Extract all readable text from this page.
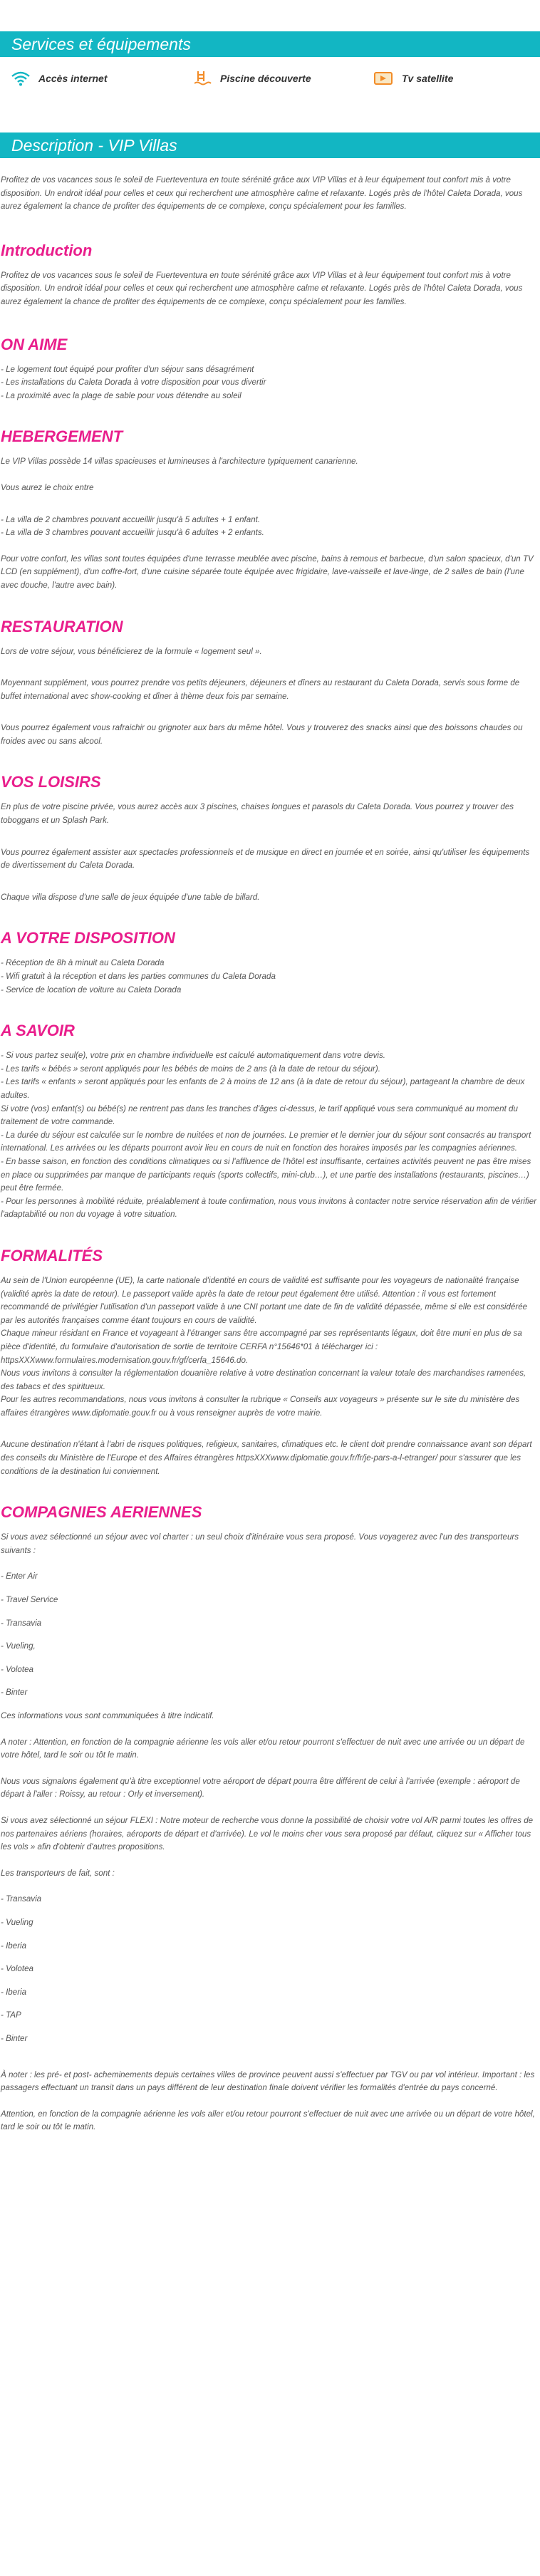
Services et équipements
Accès internet	Piscine découverte	Tv satellite
Description - VIP Villas

Profitez de vos vacances sous le soleil de Fuerteventura en toute sérénité grâce aux VIP Villas et à leur équipement tout confort mis à votre disposition. Un endroit idéal pour celles et ceux qui recherchent une atmosphère calme et relaxante. Logés près de l'hôtel Caleta Dorada, vous aurez également la chance de profiter des équipements de ce complexe, conçu spécialement pour les familles.

Introduction

Profitez de vos vacances sous le soleil de Fuerteventura en toute sérénité grâce aux VIP Villas et à leur équipement tout confort mis à votre disposition. Un endroit idéal pour celles et ceux qui recherchent une atmosphère calme et relaxante. Logés près de l'hôtel Caleta Dorada, vous aurez également la chance de profiter des équipements de ce complexe, conçu spécialement pour les familles.

ON AIME

- Le logement tout équipé pour profiter d'un séjour sans désagrément

- Les installations du Caleta Dorada à votre disposition pour vous divertir

- La proximité avec la plage de sable pour vous détendre au soleil

HEBERGEMENT

Le VIP Villas possède 14 villas spacieuses et lumineuses à l'architecture typiquement canarienne.

Vous aurez le choix entre

- La villa de 2 chambres pouvant accueillir jusqu'à 5 adultes + 1 enfant.

- La villa de 3 chambres pouvant accueillir jusqu'à 6 adultes + 2 enfants.

Pour votre confort, les villas sont toutes équipées d'une terrasse meublée avec piscine, bains à remous et barbecue, d'un salon spacieux, d'un TV LCD (en supplément), d'un coffre-fort, d'une cuisine séparée toute équipée avec frigidaire, lave-vaisselle et lave-linge, de 2 salles de bain (l'une avec douche, l'autre avec bain).

RESTAURATION

Lors de votre séjour, vous bénéficierez de la formule « logement seul ».

Moyennant supplément, vous pourrez prendre vos petits déjeuners, déjeuners et dîners au restaurant du Caleta Dorada, servis sous forme de buffet international avec show-cooking et dîner à thème deux fois par semaine.

Vous pourrez également vous rafraichir ou grignoter aux bars du même hôtel. Vous y trouverez des snacks ainsi que des boissons chaudes ou froides avec ou sans alcool.

VOS LOISIRS

En plus de votre piscine privée, vous aurez accès aux 3 piscines, chaises longues et parasols du Caleta Dorada. Vous pourrez y trouver des toboggans et un Splash Park.

Vous pourrez également assister aux spectacles professionnels et de musique en direct en journée et en soirée, ainsi qu'utiliser les équipements de divertissement du Caleta Dorada.

Chaque villa dispose d'une salle de jeux équipée d'une table de billard.

A VOTRE DISPOSITION

- Réception de 8h à minuit au Caleta Dorada

- Wifi gratuit à la réception et dans les parties communes du Caleta Dorada

- Service de location de voiture au Caleta Dorada

A SAVOIR

- Si vous partez seul(e), votre prix en chambre individuelle est calculé automatiquement dans votre devis.

- Les tarifs « bébés » seront appliqués pour les bébés de moins de 2 ans (à la date de retour du séjour).

- Les tarifs « enfants » seront appliqués pour les enfants de 2 à moins de 12 ans (à la date de retour du séjour), partageant la chambre de deux adultes.

Si votre (vos) enfant(s) ou bébé(s) ne rentrent pas dans les tranches d'âges ci-dessus, le tarif appliqué vous sera communiqué au moment du traitement de votre commande.

- La durée du séjour est calculée sur le nombre de nuitées et non de journées. Le premier et le dernier jour du séjour sont consacrés au transport international. Les arrivées ou les départs pourront avoir lieu en cours de nuit en fonction des horaires imposés par les compagnies aériennes.

- En basse saison, en fonction des conditions climatiques ou si l'affluence de l'hôtel est insuffisante, certaines activités peuvent ne pas être mises en place ou supprimées par manque de participants requis (sports collectifs, mini-club…), et une partie des installations (restaurants, piscines…) peut être fermée.

- Pour les personnes à mobilité réduite, préalablement à toute confirmation, nous vous invitons à contacter notre service réservation afin de vérifier l'adaptabilité ou non du voyage à votre situation.

FORMALITÉS

Au sein de l'Union européenne (UE), la carte nationale d'identité en cours de validité est suffisante pour les voyageurs de nationalité française (validité après la date de retour). Le passeport valide après la date de retour peut également être utilisé. Attention : il vous est fortement recommandé de privilégier l'utilisation d'un passeport valide à une CNI portant une date de fin de validité dépassée, même si elle est considérée par les autorités françaises comme étant toujours en cours de validité.

Chaque mineur résidant en France et voyageant à l'étranger sans être accompagné par ses représentants légaux, doit être muni en plus de sa pièce d'identité, du formulaire d'autorisation de sortie de territoire CERFA n°15646*01 à télécharger ici :

httpsXXXwww.formulaires.modernisation.gouv.fr/gf/cerfa_15646.do.

Nous vous invitons à consulter la réglementation douanière relative à votre destination concernant la valeur totale des marchandises ramenées, des tabacs et des spiritueux.

Pour les autres recommandations, nous vous invitons à consulter la rubrique « Conseils aux voyageurs » présente sur le site du ministère des affaires étrangères www.diplomatie.gouv.fr ou à vous renseigner auprès de votre mairie.

Aucune destination n'étant à l'abri de risques politiques, religieux, sanitaires, climatiques etc. le client doit prendre connaissance avant son départ des conseils du Ministère de l'Europe et des Affaires étrangères httpsXXXwww.diplomatie.gouv.fr/fr/je-pars-a-l-etranger/ pour s'assurer que les conditions de la destination lui conviennent.

COMPAGNIES AERIENNES

Si vous avez sélectionné un séjour avec vol charter : un seul choix d'itinéraire vous sera proposé. Vous voyagerez avec l'un des transporteurs suivants :

- Enter Air

- Travel Service

- Transavia

- Vueling,

- Volotea

- Binter

Ces informations vous sont communiquées à titre indicatif.

A noter : Attention, en fonction de la compagnie aérienne les vols aller et/ou retour pourront s'effectuer de nuit avec une arrivée ou un départ de votre hôtel, tard le soir ou tôt le matin.

Nous vous signalons également qu'à titre exceptionnel votre aéroport de départ pourra être différent de celui à l'arrivée (exemple : aéroport de départ à l'aller : Roissy, au retour : Orly et inversement).

Si vous avez sélectionné un séjour FLEXI : Notre moteur de recherche vous donne la possibilité de choisir votre vol A/R parmi toutes les offres de nos partenaires aériens (horaires, aéroports de départ et d'arrivée). Le vol le moins cher vous sera proposé par défaut, cliquez sur « Afficher tous les vols » afin d'obtenir d'autres propositions.

Les transporteurs de fait, sont :

- Transavia

- Vueling

- Iberia

- Volotea

- Iberia

- TAP

- Binter

À noter : les pré- et post- acheminements depuis certaines villes de province peuvent aussi s'effectuer par TGV ou par vol intérieur. Important : les passagers effectuant un transit dans un pays différent de leur destination finale doivent vérifier les formalités d'entrée du pays concerné.

Attention, en fonction de la compagnie aérienne les vols aller et/ou retour pourront s'effectuer de nuit avec une arrivée ou un départ de votre hôtel, tard le soir ou tôt le matin.
